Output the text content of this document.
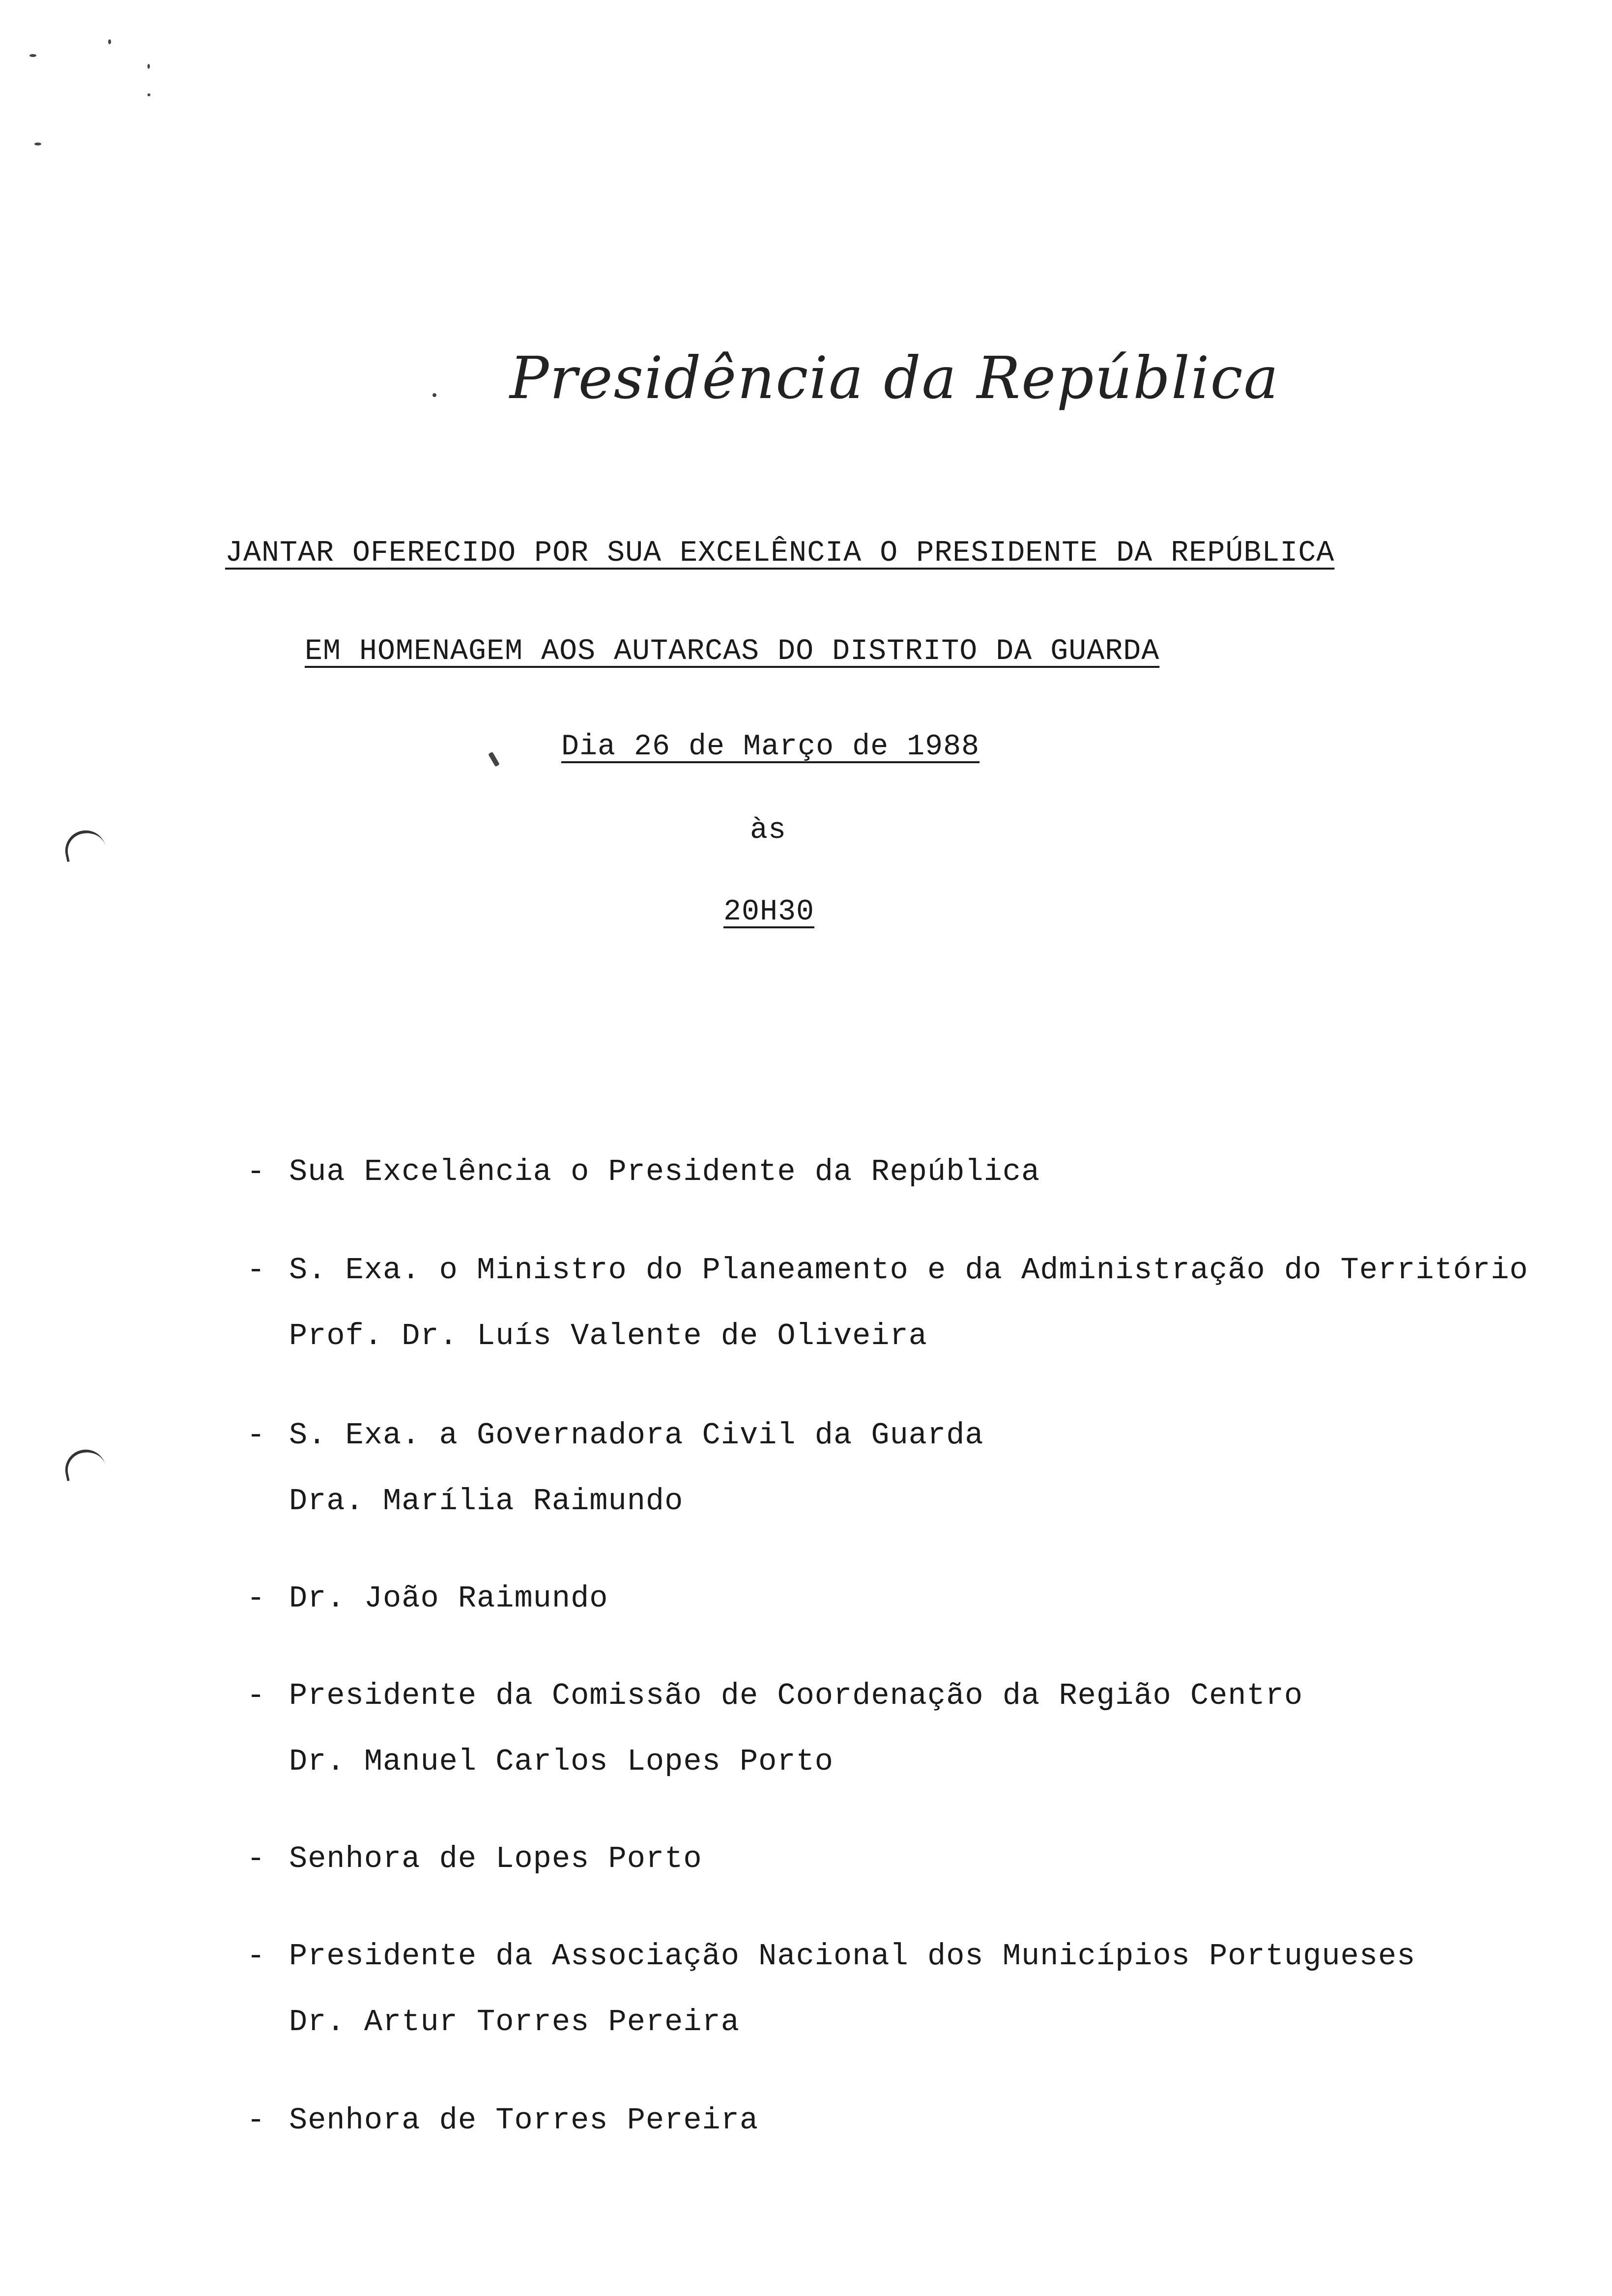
Presidência da República
JANTAR OFERECIDO POR SUA EXCELÊNCIA O PRESIDENTE DA REPÚBLICA
EM HOMENAGEM AOS AUTARCAS DO DISTRITO DA GUARDA
Dia 26 de Março de 1988
às
20H30
- Sua Excelência o Presidente da República
- S. Exa. o Ministro do Planeamento e da Administração do Território
Prof. Dr. Luís Valente de Oliveira
- S. Exa. a Governadora Civil da Guarda
Dra. Marília Raimundo
- Dr. João Raimundo
- Presidente da Comissão de Coordenação da Região Centro
Dr. Manuel Carlos Lopes Porto
- Senhora de Lopes Porto
- Presidente da Associação Nacional dos Municípios Portugueses
Dr. Artur Torres Pereira
- Senhora de Torres Pereira
